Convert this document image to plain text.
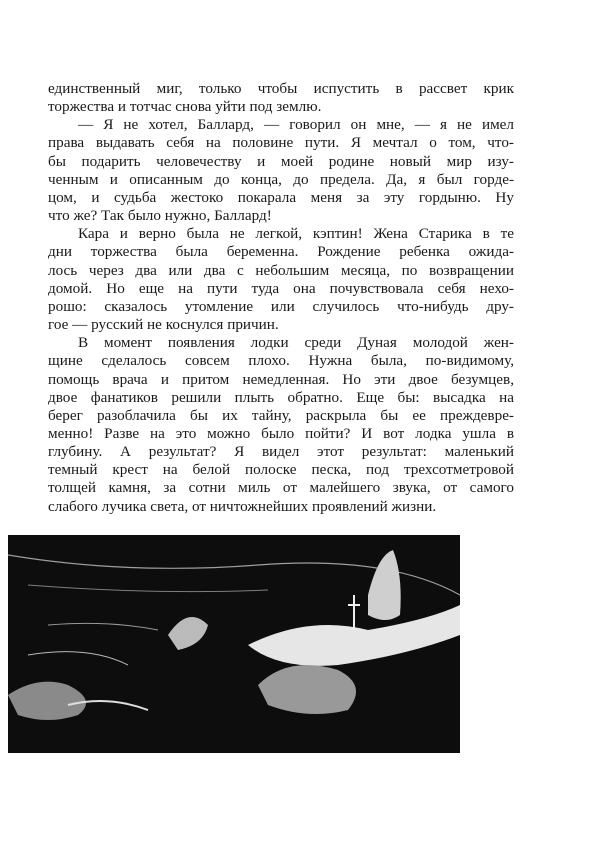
единственный миг, только чтобы испустить в рассвет крик
торжества и тотчас снова уйти под землю.
— Я не хотел, Баллард, — говорил он мне, — я не имел
права выдавать себя на половине пути. Я мечтал о том, что-
бы подарить человечеству и моей родине новый мир изу-
ченным и описанным до конца, до предела. Да, я был горде-
цом, и судьба жестоко покарала меня за эту гордыню. Ну
что же? Так было нужно, Баллард!
Кара и верно была не легкой, кэптин! Жена Старика в те
дни торжества была беременна. Рождение ребенка ожида-
лось через два или два с небольшим месяца, по возвращении
домой. Но еще на пути туда она почувствовала себя нехо-
рошо: сказалось утомление или случилось что-нибудь дру-
гое — русский не коснулся причин.
В момент появления лодки среди Дуная молодой жен-
щине сделалось совсем плохо. Нужна была, по-видимому,
помощь врача и притом немедленная. Но эти двое безумцев,
двое фанатиков решили плыть обратно. Еще бы: высадка на
берег разоблачила бы их тайну, раскрыла бы ее преждевре-
менно! Разве на это можно было пойти? И вот лодка ушла в
глубину. А результат? Я видел этот результат: маленький
темный крест на белой полоске песка, под трехсотметровой
толщей камня, за сотни миль от малейшего звука, от самого
слабого лучика света, от ничтожнейших проявлений жизни.
